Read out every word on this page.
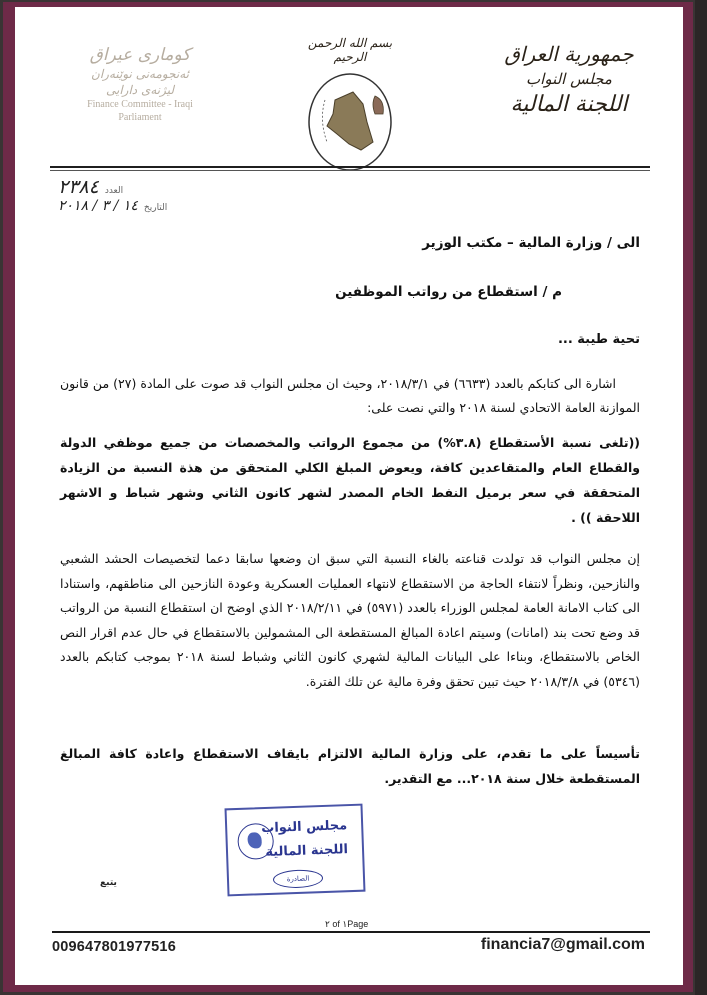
جمهورية العراق
مجلس النواب
اللجنة المالية
بسم الله الرحمن الرحيم
كومارى عيراق
ئەنجومەنی نوێنەران
لیژنەی دارایی
Finance Committee - Iraqi
Parliament
العدد
٢٣٨٤
التاريخ
١٤ / ٣ / ٢٠١٨
الى / وزارة المالية – مكتب الوزير
م / استقطاع من رواتب الموظفين
تحية طيبة ...
اشارة الى كتابكم بالعدد (٦٦٣٣) في ٢٠١٨/٣/١، وحيث ان مجلس النواب قد صوت على المادة (٢٧) من قانون الموازنة العامة الاتحادي لسنة ٢٠١٨ والتي نصت على:
((تلغى نسبة الأستقطاع (٣.٨%) من مجموع الرواتب والمخصصات من جميع موظفي الدولة والقطاع العام والمتقاعدين كافة، ويعوض المبلغ الكلي المتحقق من هذة النسبة من الزيادة المتحققة في سعر برميل النفط الخام المصدر لشهر كانون الثاني وشهر شباط و الاشهر اللاحقة )) .
إن مجلس النواب قد تولدت قناعته بالغاء النسبة التي سبق ان وضعها سابقا دعما لتخصيصات الحشد الشعبي والنازحين، ونظراً لانتفاء الحاجة من الاستقطاع لانتهاء العمليات العسكرية وعودة النازحين الى مناطقهم، واستنادا الى كتاب الامانة العامة لمجلس الوزراء بالعدد (٥٩٧١) في ٢٠١٨/٢/١١ الذي اوضح ان استقطاع النسبة من الرواتب قد وضع تحت بند (امانات) وسيتم اعادة المبالغ المستقطعة الى المشمولين بالاستقطاع في حال عدم اقرار النص الخاص بالاستقطاع، وبناءا على البيانات المالية لشهري كانون الثاني وشباط لسنة ٢٠١٨ بموجب كتابكم بالعدد (٥٣٤٦) في ٢٠١٨/٣/٨ حيث تبين تحقق وفرة مالية عن تلك الفترة.
تأسيساً على ما تقدم، على وزارة المالية الالتزام بايقاف الاستقطاع واعادة كافة المبالغ المستقطعة خلال سنة ٢٠١٨... مع التقدير.
مجلس النواب
اللجنة المالية
الصادرة
يتبع
٢ of ١Page
009647801977516	financia7@gmail.com
